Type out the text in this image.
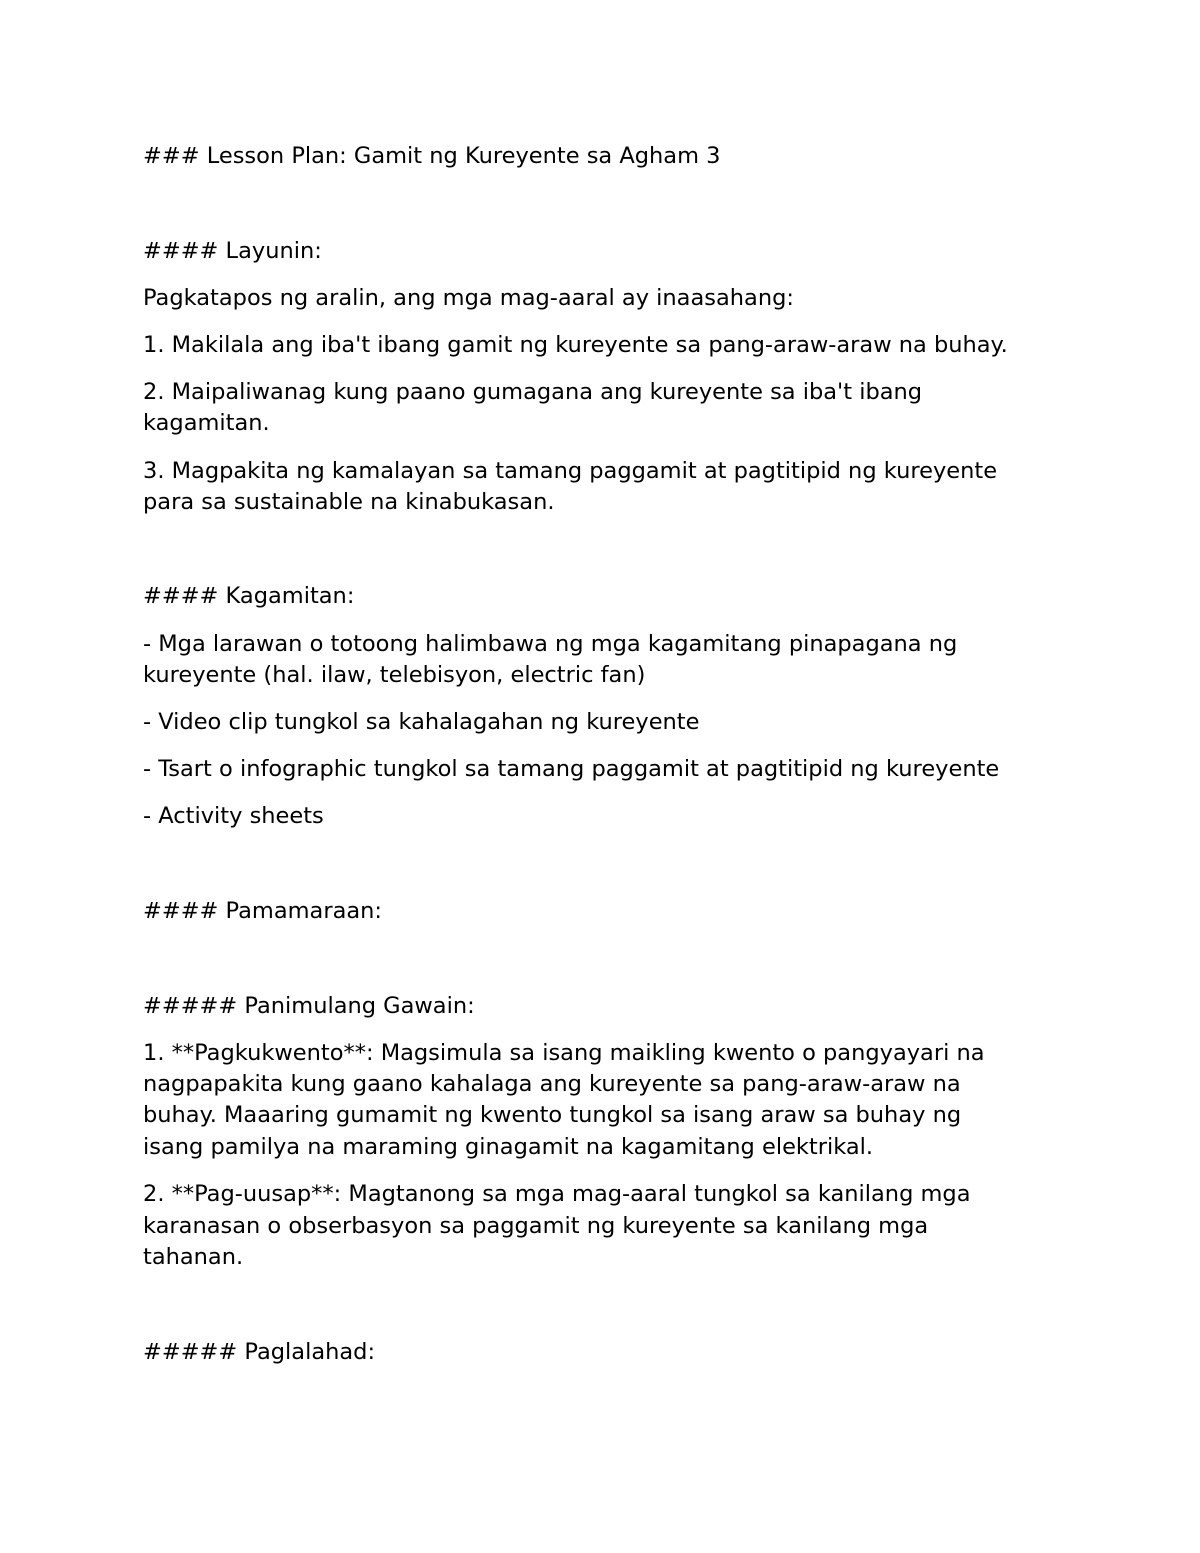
### Lesson Plan: Gamit ng Kureyente sa Agham 3
#### Layunin:
Pagkatapos ng aralin, ang mga mag-aaral ay inaasahang:
1. Makilala ang iba't ibang gamit ng kureyente sa pang-araw-araw na buhay.
2. Maipaliwanag kung paano gumagana ang kureyente sa iba't ibang
kagamitan.
3. Magpakita ng kamalayan sa tamang paggamit at pagtitipid ng kureyente
para sa sustainable na kinabukasan.
#### Kagamitan:
- Mga larawan o totoong halimbawa ng mga kagamitang pinapagana ng
kureyente (hal. ilaw, telebisyon, electric fan)
- Video clip tungkol sa kahalagahan ng kureyente
- Tsart o infographic tungkol sa tamang paggamit at pagtitipid ng kureyente
- Activity sheets
#### Pamamaraan:
##### Panimulang Gawain:
1. **Pagkukwento**: Magsimula sa isang maikling kwento o pangyayari na
nagpapakita kung gaano kahalaga ang kureyente sa pang-araw-araw na
buhay. Maaaring gumamit ng kwento tungkol sa isang araw sa buhay ng
isang pamilya na maraming ginagamit na kagamitang elektrikal.
2. **Pag-uusap**: Magtanong sa mga mag-aaral tungkol sa kanilang mga
karanasan o obserbasyon sa paggamit ng kureyente sa kanilang mga
tahanan.
##### Paglalahad:
